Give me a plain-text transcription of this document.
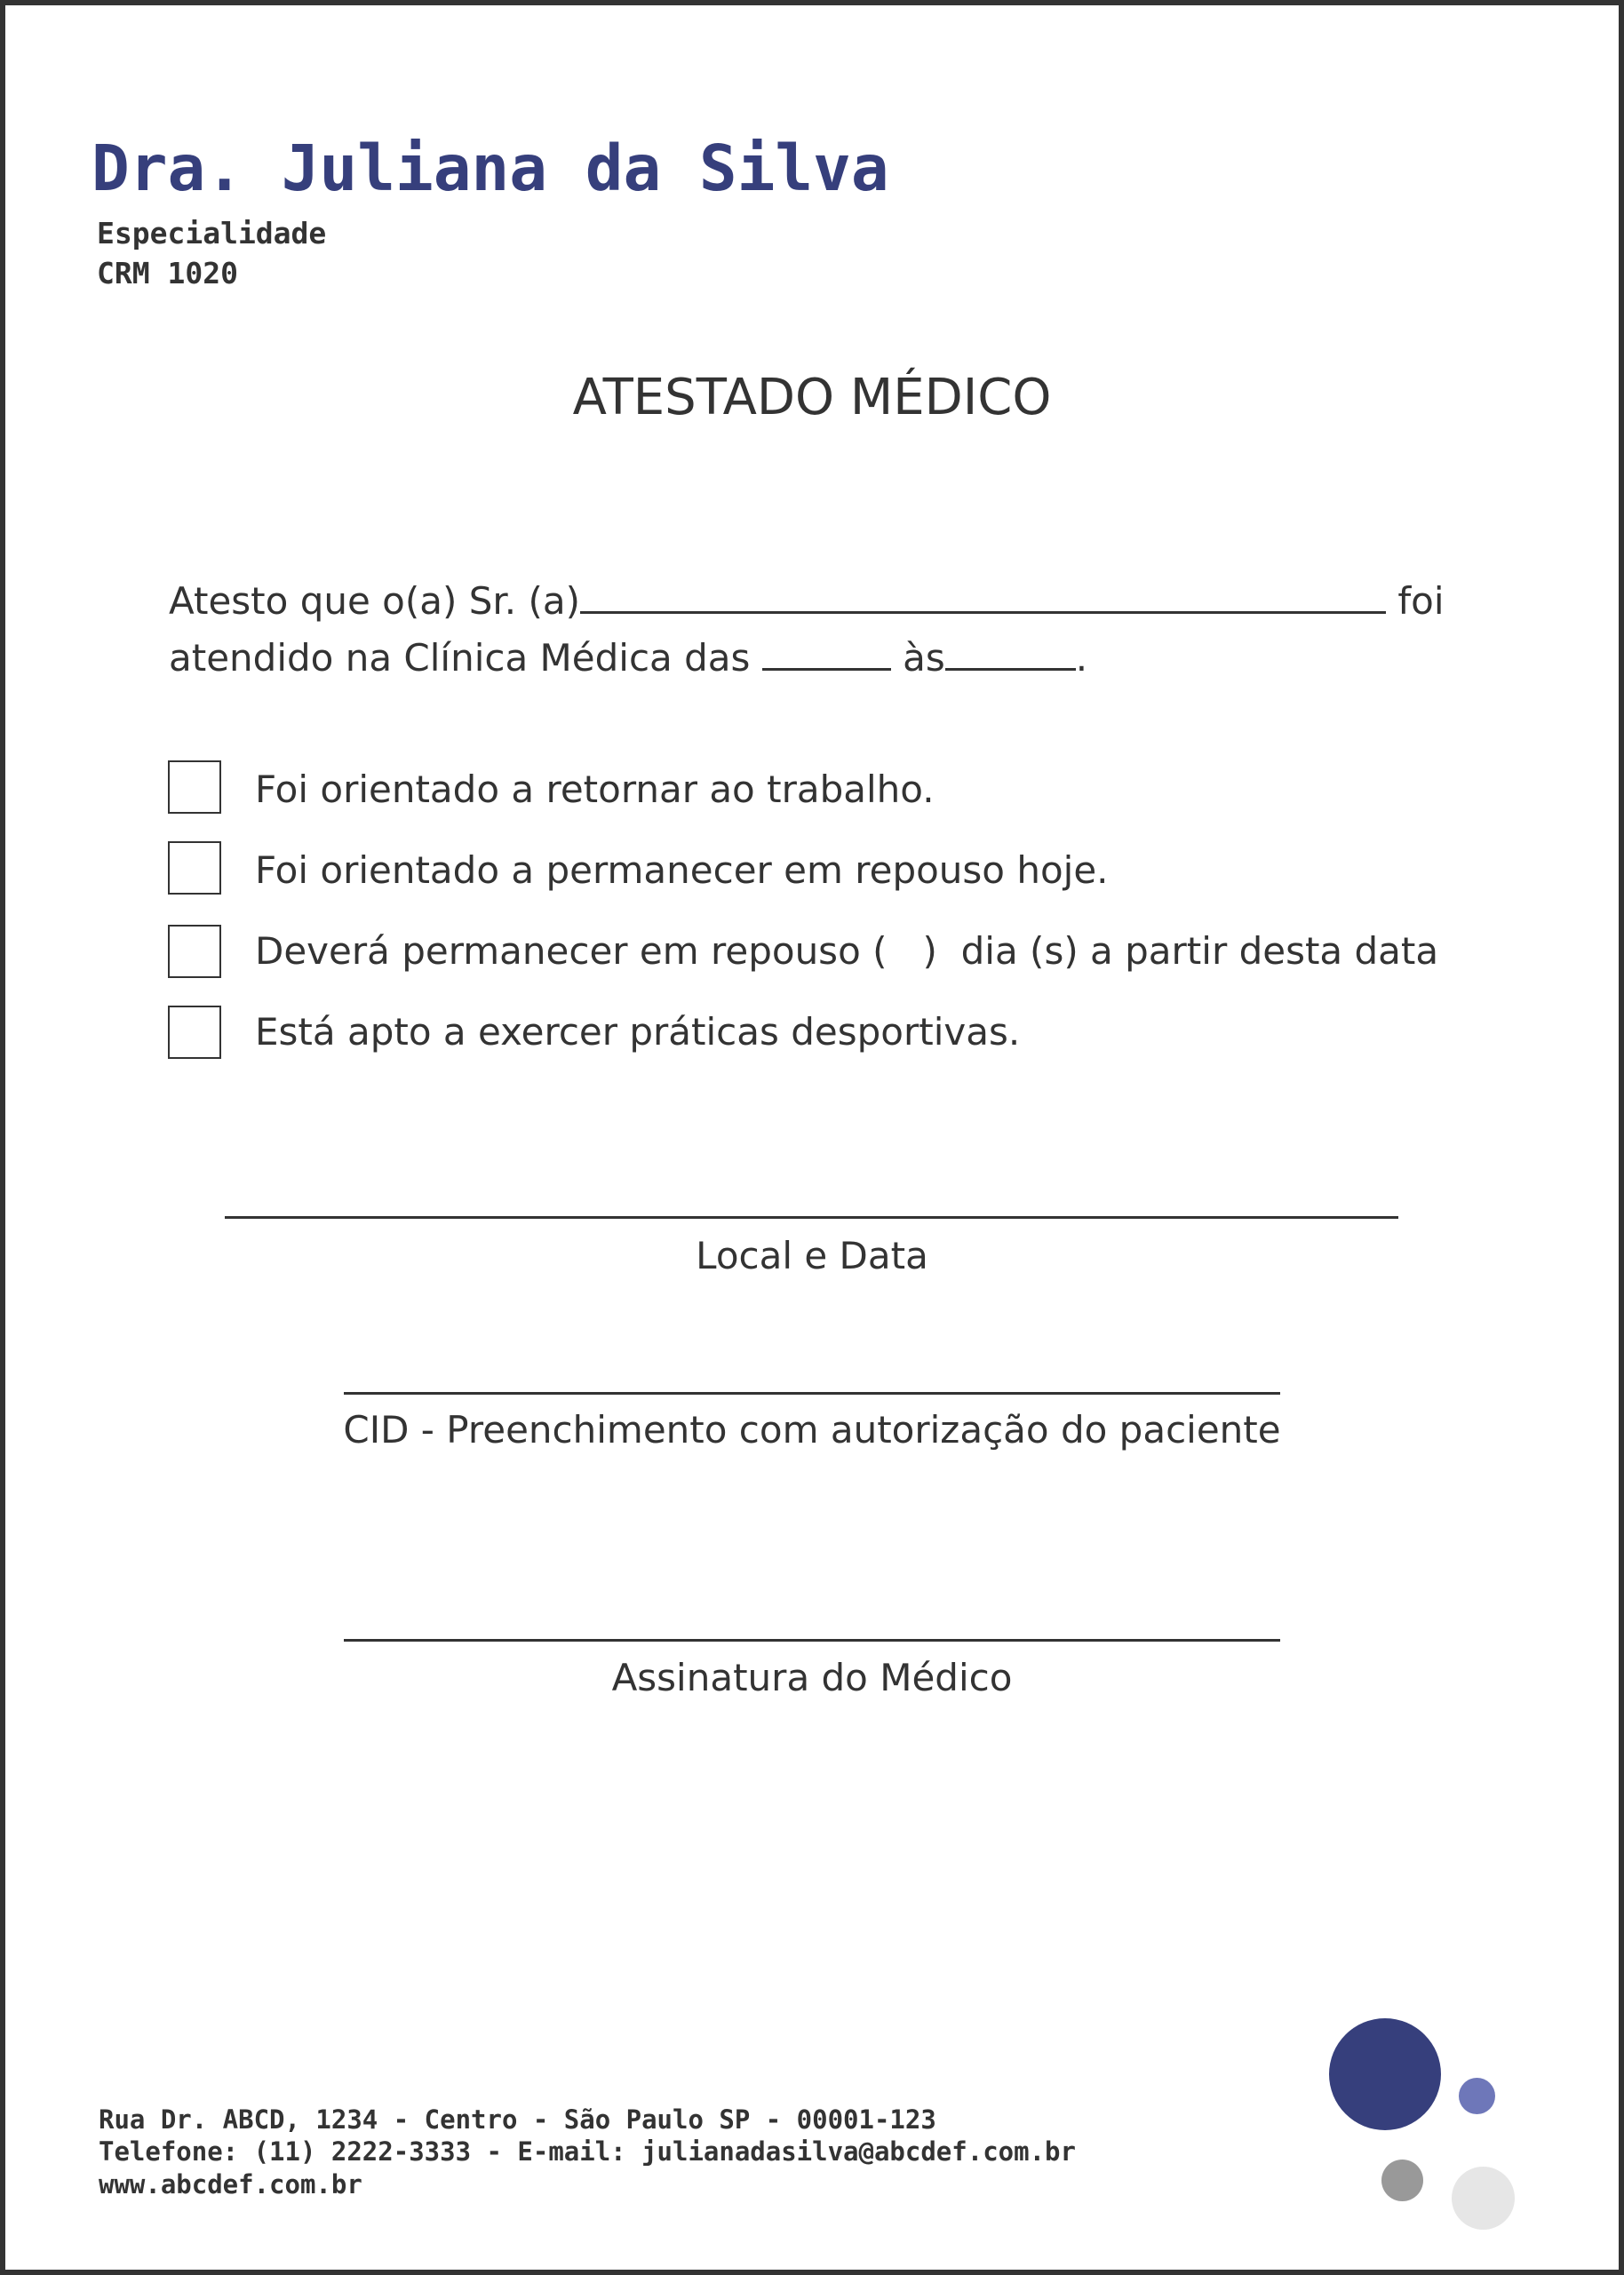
Dra. Juliana da Silva
Especialidade
CRM 1020
ATESTADO MÉDICO
Atesto que o(a) Sr. (a)	foi
atendido na Clínica Médica das	às	.
Foi orientado a retornar ao trabalho.
Foi orientado a permanecer em repouso hoje.
Deverá permanecer em repouso (   )  dia (s) a partir desta data
Está apto a exercer práticas desportivas.
Local e Data
CID - Preenchimento com autorização do paciente
Assinatura do Médico
Rua Dr. ABCD, 1234 - Centro - São Paulo SP - 00001-123
Telefone: (11) 2222-3333 - E-mail: julianadasilva@abcdef.com.br
www.abcdef.com.br
